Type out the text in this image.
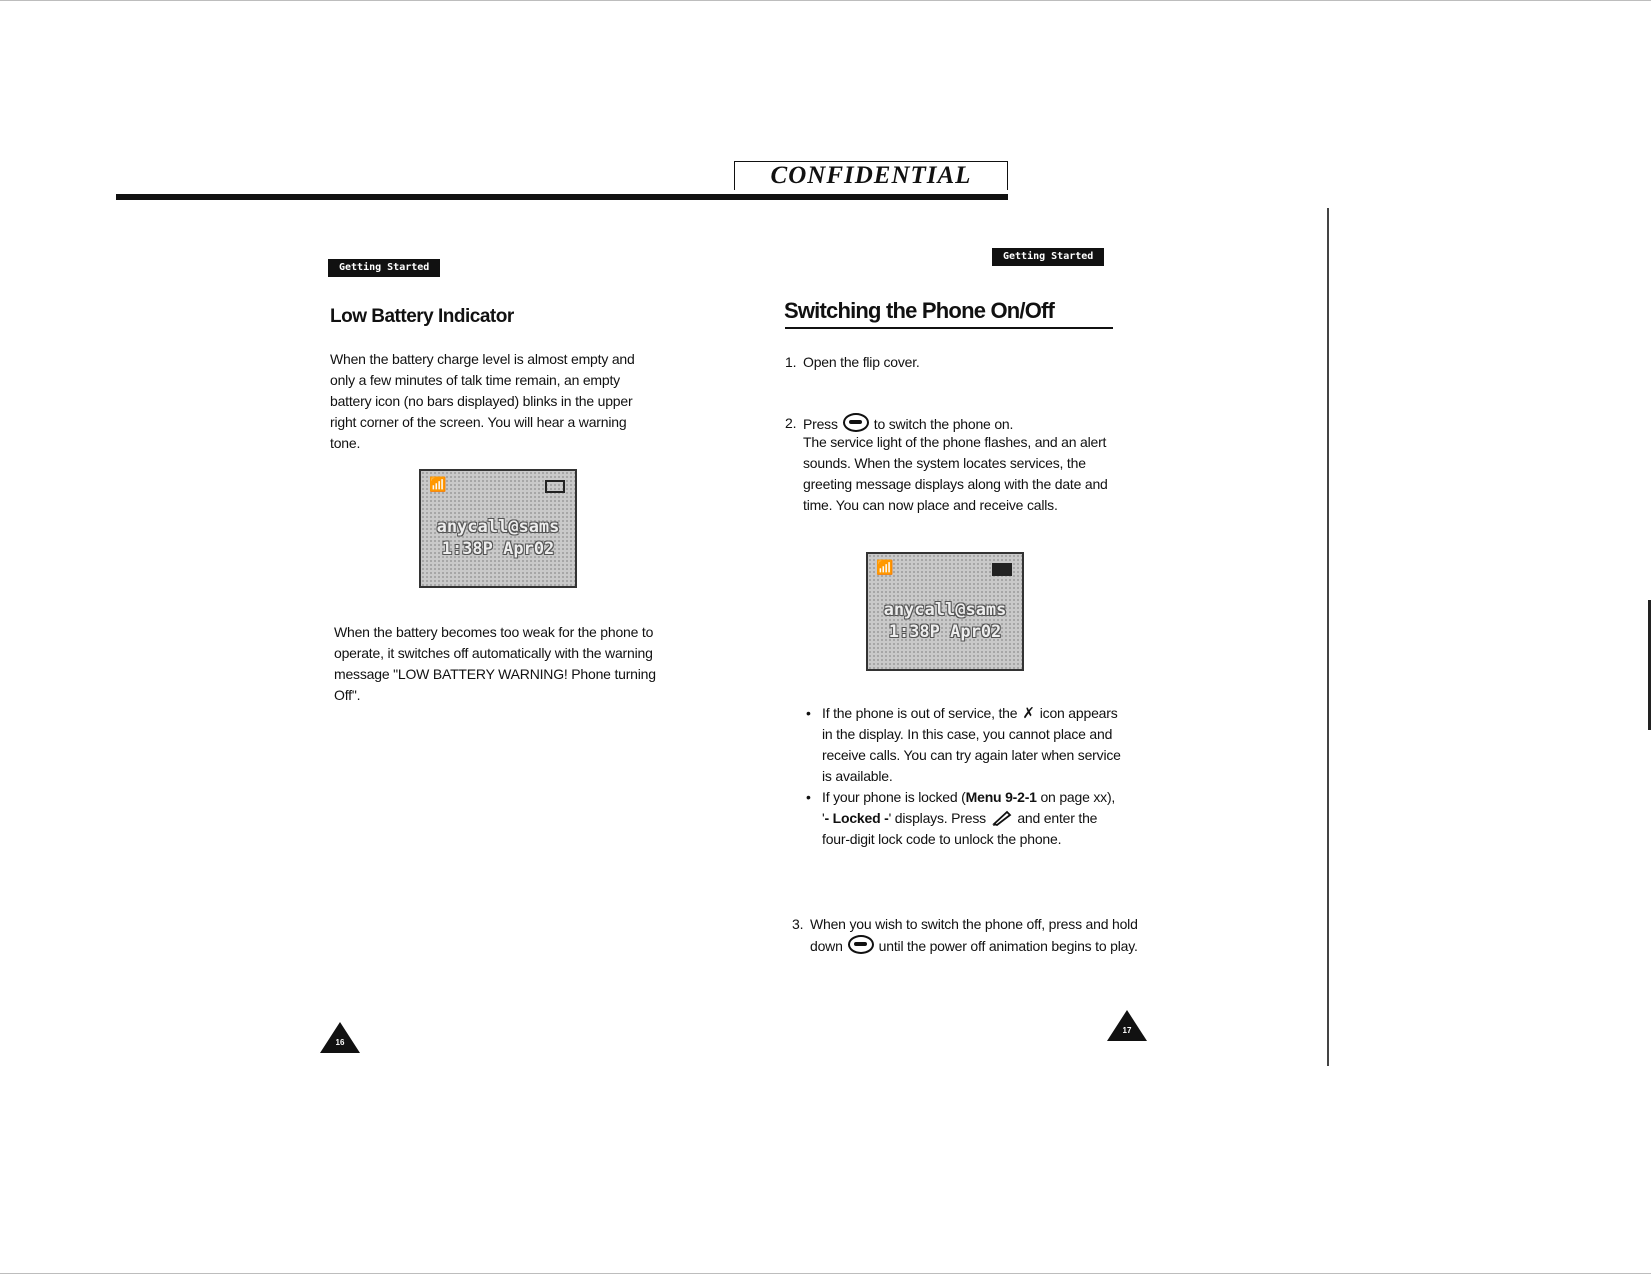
CONFIDENTIAL
Getting Started
Low Battery Indicator
When the battery charge level is almost empty and only a few minutes of talk time remain, an empty battery icon (no bars displayed) blinks in the upper right corner of the screen. You will hear a warning tone.
📶
anycall@sams
1:38P Apr02
When the battery becomes too weak for the phone to operate, it switches off automatically with the warning message "LOW BATTERY WARNING! Phone turning Off".
16
Getting Started
Switching the Phone On/Off
1. Open the flip cover.
2. Press	to switch the phone on.
The service light of the phone flashes, and an alert sounds. When the system locates services, the greeting message displays along with the date and time. You can now place and receive calls.
📶
anycall@sams
1:38P Apr02
• If the phone is out of service, the ✗ icon appears in the display. In this case, you cannot place and receive calls. You can try again later when service is available.
• If your phone is locked (Menu 9-2-1 on page xx), '- Locked -' displays. Press and enter the four-digit lock code to unlock the phone.
3. When you wish to switch the phone off, press and hold down	until the power off animation begins to play.
17
